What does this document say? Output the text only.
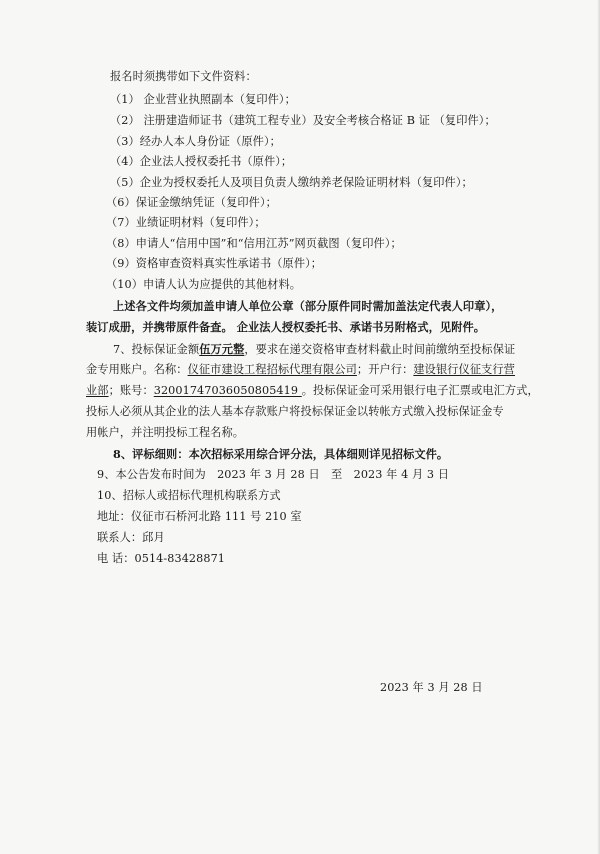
报名时须携带如下文件资料：
（1） 企业营业执照副本（复印件）；
（2） 注册建造师证书（建筑工程专业）及安全考核合格证 B 证 （复印件）；
（3）经办人本人身份证（原件）；
（4）企业法人授权委托书（原件）；
（5）企业为授权委托人及项目负责人缴纳养老保险证明材料（复印件）；
（6）保证金缴纳凭证（复印件）；
（7）业绩证明材料（复印件）；
（8）申请人“信用中国”和“信用江苏”网页截图（复印件）；
（9）资格审查资料真实性承诺书（原件）；
（10）申请人认为应提供的其他材料。
上述各文件均须加盖申请人单位公章（部分原件同时需加盖法定代表人印章），
装订成册，并携带原件备查。 企业法人授权委托书、承诺书另附格式，见附件。
7、投标保证金额伍万元整，要求在递交资格审查材料截止时间前缴纳至投标保证
金专用账户。名称：仪征市建设工程招标代理有限公司；开户行：建设银行仪征支行营
业部；账号：32001747036050805419 。投标保证金可采用银行电子汇票或电汇方式，
投标人必须从其企业的法人基本存款账户将投标保证金以转帐方式缴入投标保证金专
用帐户，并注明投标工程名称。
8、评标细则：本次招标采用综合评分法，具体细则详见招标文件。
9、本公告发布时间为　2023 年 3 月 28 日　至　2023 年 4 月 3 日
10、招标人或招标代理机构联系方式
地址：仪征市石桥河北路 111 号 210 室
联系人：邱月
电 话：0514-83428871
2023 年 3 月 28 日
